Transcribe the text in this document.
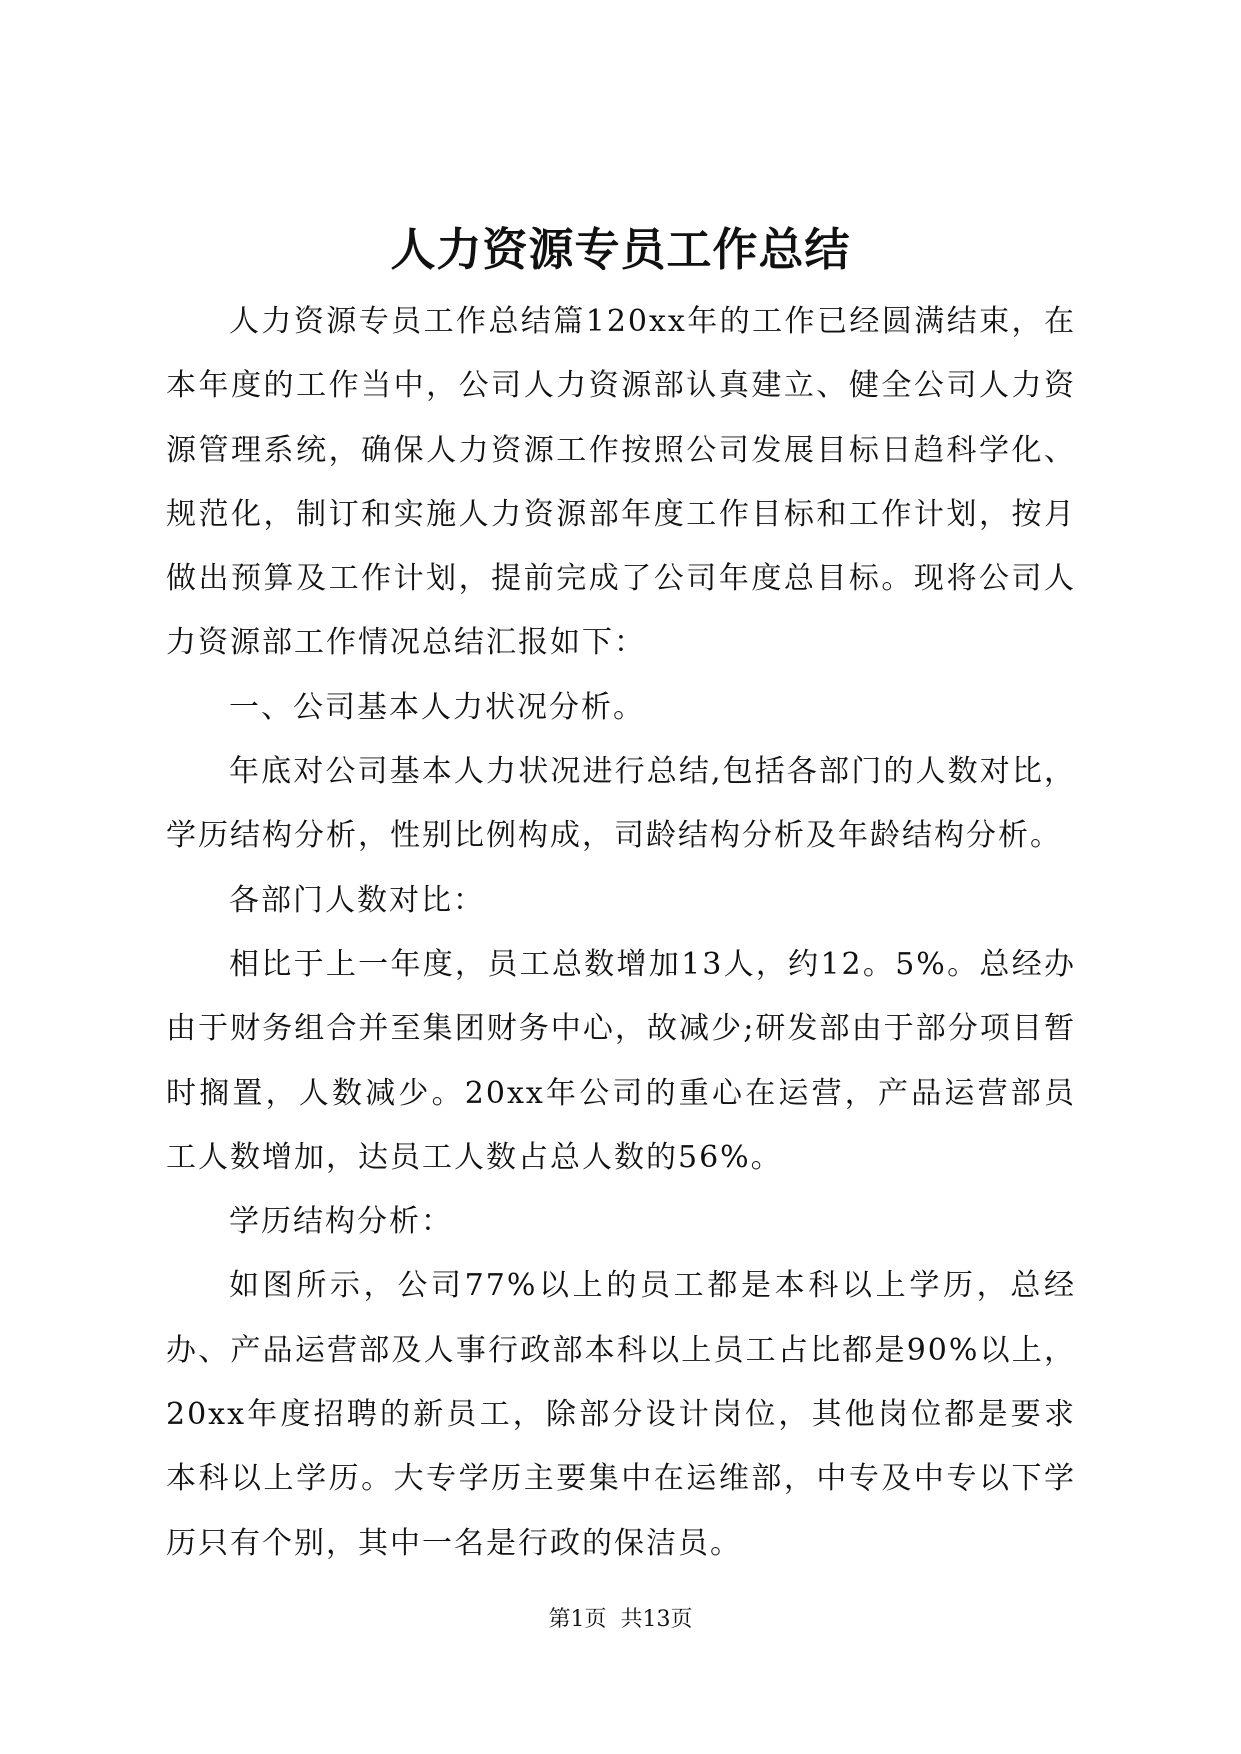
人力资源专员工作总结

人力资源专员工作总结篇120xx年的工作已经圆满结束，在本年度的工作当中，公司人力资源部认真建立、健全公司人力资源管理系统，确保人力资源工作按照公司发展目标日趋科学化、规范化，制订和实施人力资源部年度工作目标和工作计划，按月做出预算及工作计划，提前完成了公司年度总目标。现将公司人力资源部工作情况总结汇报如下：

一、公司基本人力状况分析。

年底对公司基本人力状况进行总结,包括各部门的人数对比，学历结构分析，性别比例构成，司龄结构分析及年龄结构分析。

各部门人数对比：

相比于上一年度，员工总数增加13人，约12。5%。总经办由于财务组合并至集团财务中心，故减少;研发部由于部分项目暂时搁置，人数减少。20xx年公司的重心在运营，产品运营部员工人数增加，达员工人数占总人数的56%。

学历结构分析：

如图所示，公司77%以上的员工都是本科以上学历，总经办、产品运营部及人事行政部本科以上员工占比都是90%以上，20xx年度招聘的新员工，除部分设计岗位，其他岗位都是要求本科以上学历。大专学历主要集中在运维部，中专及中专以下学历只有个别，其中一名是行政的保洁员。

第1页  共13页
